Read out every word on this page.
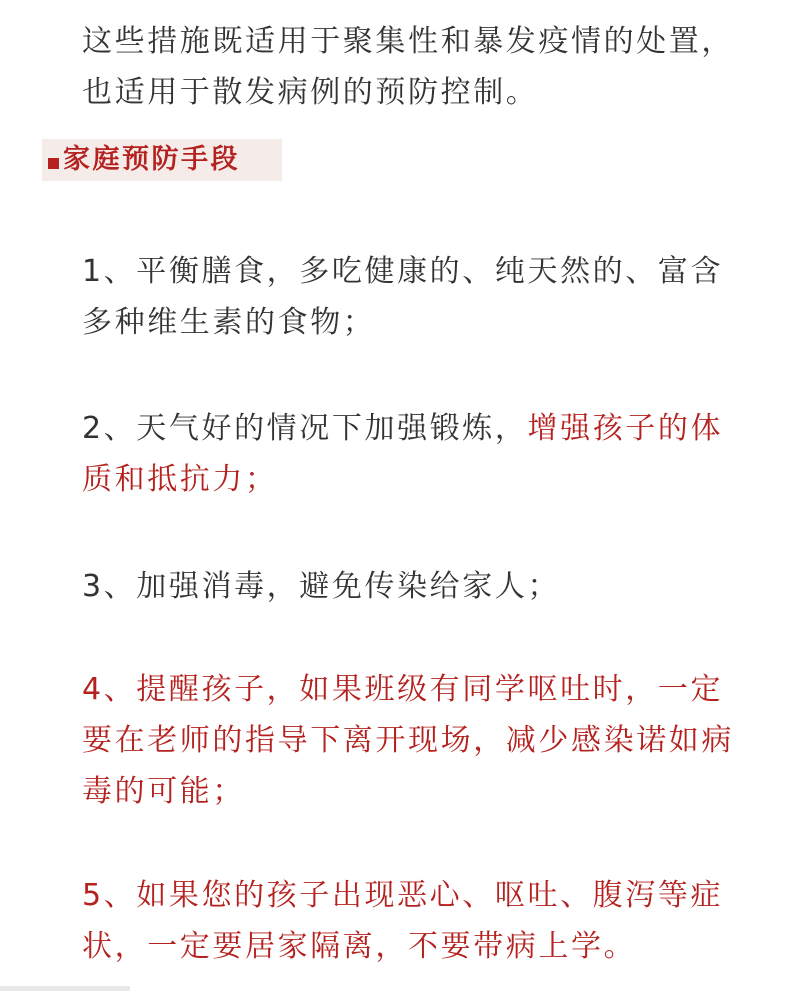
这些措施既适用于聚集性和暴发疫情的处置，也适用于散发病例的预防控制。

家庭预防手段

1、平衡膳食，多吃健康的、纯天然的、富含多种维生素的食物；

2、天气好的情况下加强锻炼，增强孩子的体质和抵抗力；

3、加强消毒，避免传染给家人；

4、提醒孩子，如果班级有同学呕吐时，一定要在老师的指导下离开现场，减少感染诺如病毒的可能；

5、如果您的孩子出现恶心、呕吐、腹泻等症状，一定要居家隔离，不要带病上学。
